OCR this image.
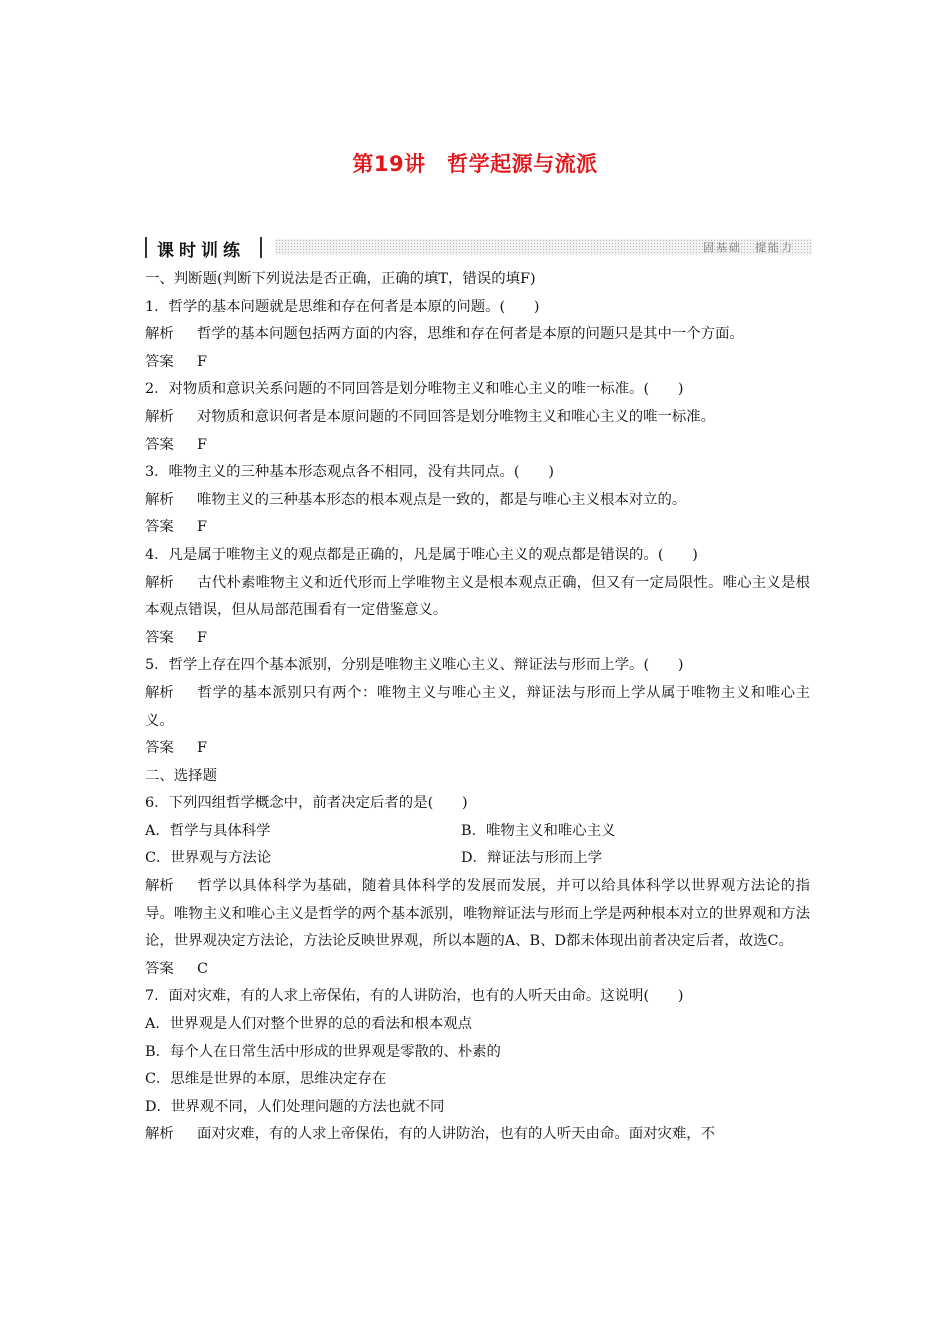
第19讲　哲学起源与流派
课时训练	固基础　提能力

一、判断题(判断下列说法是否正确，正确的填T，错误的填F)

1．哲学的基本问题就是思维和存在何者是本原的问题。(　　)

解析 哲学的基本问题包括两方面的内容，思维和存在何者是本原的问题只是其中一个方面。

答案 F

2．对物质和意识关系问题的不同回答是划分唯物主义和唯心主义的唯一标准。(　　)

解析 对物质和意识何者是本原问题的不同回答是划分唯物主义和唯心主义的唯一标准。

答案 F

3．唯物主义的三种基本形态观点各不相同，没有共同点。(　　)

解析 唯物主义的三种基本形态的根本观点是一致的，都是与唯心主义根本对立的。

答案 F

4．凡是属于唯物主义的观点都是正确的，凡是属于唯心主义的观点都是错误的。(　　)

解析 古代朴素唯物主义和近代形而上学唯物主义是根本观点正确，但又有一定局限性。唯心主义是根本观点错误，但从局部范围看有一定借鉴意义。

答案 F

5．哲学上存在四个基本派别，分别是唯物主义唯心主义、辩证法与形而上学。(　　)

解析 哲学的基本派别只有两个：唯物主义与唯心主义，辩证法与形而上学从属于唯物主义和唯心主义。

答案 F

二、选择题

6．下列四组哲学概念中，前者决定后者的是(　　)

A．哲学与具体科学	B．唯物主义和唯心主义
C．世界观与方法论	D．辩证法与形而上学

解析 哲学以具体科学为基础，随着具体科学的发展而发展，并可以给具体科学以世界观方法论的指导。唯物主义和唯心主义是哲学的两个基本派别，唯物辩证法与形而上学是两种根本对立的世界观和方法论，世界观决定方法论，方法论反映世界观，所以本题的A、B、D都未体现出前者决定后者，故选C。

答案 C

7．面对灾难，有的人求上帝保佑，有的人讲防治，也有的人听天由命。这说明(　　)

A．世界观是人们对整个世界的总的看法和根本观点

B．每个人在日常生活中形成的世界观是零散的、朴素的

C．思维是世界的本原，思维决定存在

D．世界观不同，人们处理问题的方法也就不同

解析 面对灾难，有的人求上帝保佑，有的人讲防治，也有的人听天由命。面对灾难，不
